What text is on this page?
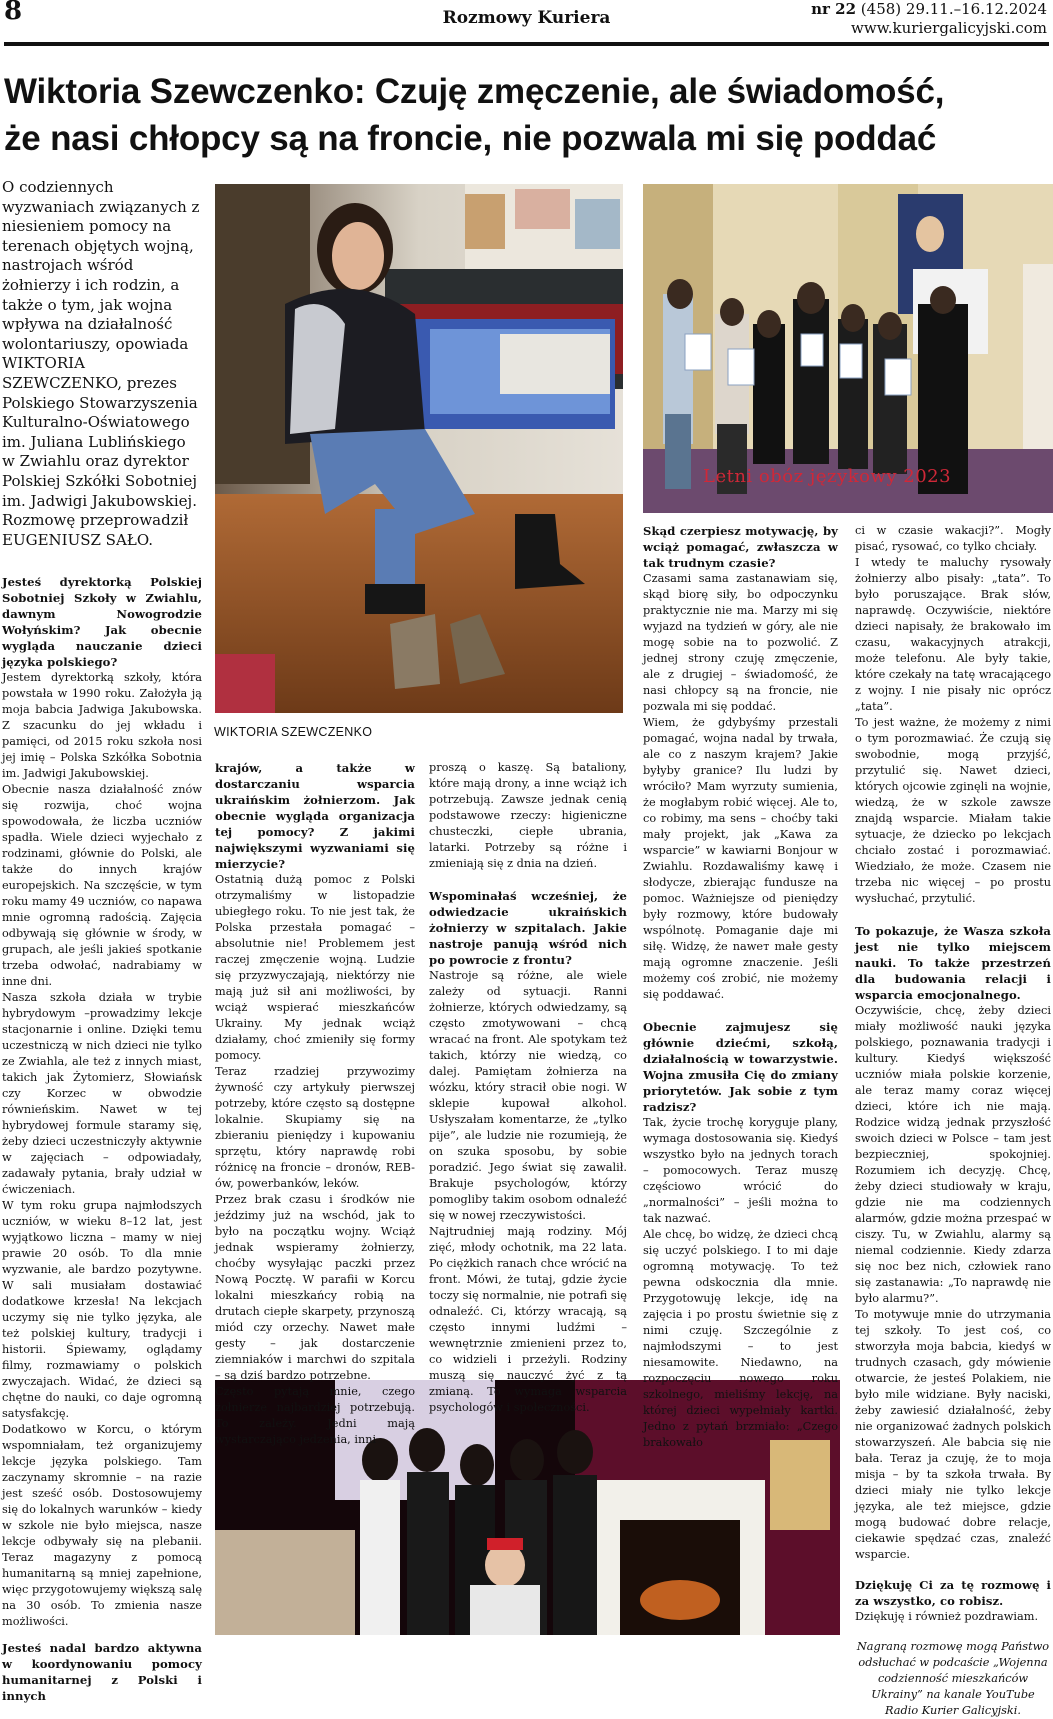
8	Rozmowy Kuriera	nr 22 (458) 29.11.–16.12.2024
www.kuriergalicyjski.com
Wiktoria Szewczenko: Czuję zmęczenie, ale świadomość,
że nasi chłopcy są na froncie, nie pozwala mi się poddać
O codziennych wyzwaniach związanych z niesieniem pomocy na terenach objętych wojną, nastrojach wśród żołnierzy i ich rodzin, a także o tym, jak wojna wpływa na działalność wolontariuszy, opowiada WIKTORIA SZEWCZENKO, prezes Polskiego Stowarzyszenia Kulturalno-Oświatowego im. Juliana Lublińskiego w Zwiahlu oraz dyrektor Polskiej Szkółki Sobotniej im. Jadwigi Jakubowskiej. Rozmowę przeprowadził EUGENIUSZ SAŁO.
WIKTORIA SZEWCZENKO
Letni obóz językowy 2023

Jesteś dyrektorką Polskiej Sobotniej Szkoły w Zwiahlu, dawnym Nowogrodzie Wołyńskim? Jak obecnie wygląda nauczanie dzieci języka polskiego?

Jestem dyrektorką szkoły, która powstała w 1990 roku. Założyła ją moja babcia Jadwiga Jakubowska. Z szacunku do jej wkładu i pamięci, od 2015 roku szkoła nosi jej imię – Polska Szkółka Sobotnia im. Jadwigi Jakubowskiej.

Obecnie nasza działalność znów się rozwija, choć wojna spowodowała, że liczba uczniów spadła. Wiele dzieci wyjechało z rodzinami, głównie do Polski, ale także do innych krajów europejskich. Na szczęście, w tym roku mamy 49 uczniów, co napawa mnie ogromną radością. Zajęcia odbywają się głównie w środy, w grupach, ale jeśli jakieś spotkanie trzeba odwołać, nadrabiamy w inne dni.

Nasza szkoła działa w trybie hybrydowym –prowadzimy lekcje stacjonarnie i online. Dzięki temu uczestniczą w nich dzieci nie tylko ze Zwiahla, ale też z innych miast, takich jak Żytomierz, Słowiańsk czy Korzec w obwodzie równieńskim. Nawet w tej hybrydowej formule staramy się, żeby dzieci uczestniczyły aktywnie w zajęciach – odpowiadały, zadawały pytania, brały udział w ćwiczeniach.

W tym roku grupa najmłodszych uczniów, w wieku 8–12 lat, jest wyjątkowo liczna – mamy w niej prawie 20 osób. To dla mnie wyzwanie, ale bardzo pozytywne. W sali musiałam dostawiać dodatkowe krzesła! Na lekcjach uczymy się nie tylko języka, ale też polskiej kultury, tradycji i historii. Śpiewamy, oglądamy filmy, rozmawiamy o polskich zwyczajach. Widać, że dzieci są chętne do nauki, co daje ogromną satysfakcję.

Dodatkowo w Korcu, o którym wspomniałam, też organizujemy lekcje języka polskiego. Tam zaczynamy skromnie – na razie jest sześć osób. Dostosowujemy się do lokalnych warunków – kiedy w szkole nie było miejsca, nasze lekcje odbywały się na plebanii. Teraz magazyny z pomocą humanitarną są mniej zapełnione, więc przygotowujemy większą salę na 30 osób. To zmienia nasze możliwości.

Jesteś nadal bardzo aktywna w koordynowaniu pomocy humanitarnej z Polski i innych

krajów, a także w dostarczaniu wsparcia ukraińskim żołnierzom. Jak obecnie wygląda organizacja tej pomocy? Z jakimi największymi wyzwaniami się mierzycie?

Ostatnią dużą pomoc z Polski otrzymaliśmy w listopadzie ubiegłego roku. To nie jest tak, że Polska przestała pomagać – absolutnie nie! Problemem jest raczej zmęczenie wojną. Ludzie się przyzwyczajają, niektórzy nie mają już sił ani możliwości, by wciąż wspierać mieszkańców Ukrainy. My jednak wciąż działamy, choć zmieniły się formy pomocy.

Teraz rzadziej przywozimy żywność czy artykuły pierwszej potrzeby, które często są dostępne lokalnie. Skupiamy się na zbieraniu pieniędzy i kupowaniu sprzętu, który naprawdę robi różnicę na froncie – dronów, REB-ów, powerbanków, leków.

Przez brak czasu i środków nie jeździmy już na wschód, jak to było na początku wojny. Wciąż jednak wspieramy żołnierzy, choćby wysyłając paczki przez Nową Pocztę. W parafii w Korcu lokalni mieszkańcy robią na drutach ciepłe skarpety, przynoszą miód czy orzechy. Nawet małe gesty – jak dostarczenie ziemniaków i marchwi do szpitala – są dziś bardzo potrzebne.

Często pytają mnie, czego żołnierze najbardziej potrzebują. To zależy. Jedni mają wystarczająco jedzenia, inni

proszą o kaszę. Są bataliony, które mają drony, a inne wciąż ich potrzebują. Zawsze jednak cenią podstawowe rzeczy: higieniczne chusteczki, ciepłe ubrania, latarki. Potrzeby są różne i zmieniają się z dnia na dzień.

Wspominałaś wcześniej, że odwiedzacie ukraińskich żołnierzy w szpitalach. Jakie nastroje panują wśród nich po powrocie z frontu?

Nastroje są różne, ale wiele zależy od sytuacji. Ranni żołnierze, których odwiedzamy, są często zmotywowani – chcą wracać na front. Ale spotykam też takich, którzy nie wiedzą, co dalej. Pamiętam żołnierza na wózku, który stracił obie nogi. W sklepie kupował alkohol. Usłyszałam komentarze, że „tylko pije”, ale ludzie nie rozumieją, że on szuka sposobu, by sobie poradzić. Jego świat się zawalił. Brakuje psychologów, którzy pomogliby takim osobom odnaleźć się w nowej rzeczywistości.

Najtrudniej mają rodziny. Mój zięć, młody ochotnik, ma 22 lata. Po ciężkich ranach chce wrócić na front. Mówi, że tutaj, gdzie życie toczy się normalnie, nie potrafi się odnaleźć. Ci, którzy wracają, są często innymi ludźmi – wewnętrznie zmienieni przez to, co widzieli i przeżyli. Rodziny muszą się nauczyć żyć z tą zmianą. To wymaga wsparcia psychologów i społeczności.

Skąd czerpiesz motywację, by wciąż pomagać, zwłaszcza w tak trudnym czasie?

Czasami sama zastanawiam się, skąd biorę siły, bo odpoczynku praktycznie nie ma. Marzy mi się wyjazd na tydzień w góry, ale nie mogę sobie na to pozwolić. Z jednej strony czuję zmęczenie, ale z drugiej – świadomość, że nasi chłopcy są na froncie, nie pozwala mi się poddać.

Wiem, że gdybyśmy przestali pomagać, wojna nadal by trwała, ale co z naszym krajem? Jakie byłyby granice? Ilu ludzi by wróciło? Mam wyrzuty sumienia, że mogłabym robić więcej. Ale to, co robimy, ma sens – choćby taki mały projekt, jak „Kawa za wsparcie” w kawiarni Bonjour w Zwiahlu. Rozdawaliśmy kawę i słodycze, zbierając fundusze na pomoc. Ważniejsze od pieniędzy były rozmowy, które budowały wspólnotę. Pomaganie daje mi siłę. Widzę, że naweт małe gesty mają ogromne znaczenie. Jeśli możemy coś zrobić, nie możemy się poddawać.

Obecnie zajmujesz się głównie dziećmi, szkołą, działalnością w towarzystwie. Wojna zmusiła Cię do zmiany priorytetów. Jak sobie z tym radzisz?

Tak, życie trochę koryguje plany, wymaga dostosowania się. Kiedyś wszystko było na jednych torach – pomocowych. Teraz muszę częściowo wrócić do „normalności” – jeśli można to tak nazwać.

Ale chcę, bo widzę, że dzieci chcą się uczyć polskiego. I to mi daje ogromną motywację. To też pewna odskocznia dla mnie. Przygotowuję lekcje, idę na zajęcia i po prostu świetnie się z nimi czuję. Szczególnie z najmłodszymi – to jest niesamowite. Niedawno, na rozpoczęciu nowego roku szkolnego, mieliśmy lekcję, na której dzieci wypełniały kartki. Jedno z pytań brzmiało: „Czego brakowało

ci w czasie wakacji?”. Mogły pisać, rysować, co tylko chciały.

I wtedy te maluchy rysowały żołnierzy albo pisały: „tata”. To było poruszające. Brak słów, naprawdę. Oczywiście, niektóre dzieci napisały, że brakowało im czasu, wakacyjnych atrakcji, może telefonu. Ale były takie, które czekały na tatę wracającego z wojny. I nie pisały nic oprócz „tata”.

To jest ważne, że możemy z nimi o tym porozmawiać. Że czują się swobodnie, mogą przyjść, przytulić się. Nawet dzieci, których ojcowie zginęli na wojnie, wiedzą, że w szkole zawsze znajdą wsparcie. Miałam takie sytuacje, że dziecko po lekcjach chciało zostać i porozmawiać. Wiedziało, że może. Czasem nie trzeba nic więcej – po prostu wysłuchać, przytulić.

To pokazuje, że Wasza szkoła jest nie tylko miejscem nauki. To także przestrzeń dla budowania relacji i wsparcia emocjonalnego.

Oczywiście, chcę, żeby dzieci miały możliwość nauki języka polskiego, poznawania tradycji i kultury. Kiedyś większość uczniów miała polskie korzenie, ale teraz mamy coraz więcej dzieci, które ich nie mają. Rodzice widzą jednak przyszłość swoich dzieci w Polsce – tam jest bezpieczniej, spokojniej. Rozumiem ich decyzję. Chcę, żeby dzieci studiowały w kraju, gdzie nie ma codziennych alarmów, gdzie można przespać w ciszy. Tu, w Zwiahlu, alarmy są niemal codziennie. Kiedy zdarza się noc bez nich, człowiek rano się zastanawia: „To naprawdę nie było alarmu?”.

To motywuje mnie do utrzymania tej szkoły. To jest coś, co stworzyła moja babcia, kiedyś w trudnych czasach, gdy mówienie otwarcie, że jesteś Polakiem, nie było mile widziane. Były naciski, żeby zawiesić działalność, żeby nie organizować żadnych polskich stowarzyszeń. Ale babcia się nie bała. Teraz ja czuję, że to moja misja – by ta szkoła trwała. By dzieci miały nie tylko lekcje języka, ale też miejsce, gdzie mogą budować dobre relacje, ciekawie spędzać czas, znaleźć wsparcie.

Dziękuję Ci za tę rozmowę i za wszystko, co robisz.

Dziękuję i również pozdrawiam.

Nagraną rozmowę mogą Państwo odsłuchać w podcaście „Wojenna codzienność mieszkańców Ukrainy” na kanale YouTube Radio Kurier Galicyjski.
